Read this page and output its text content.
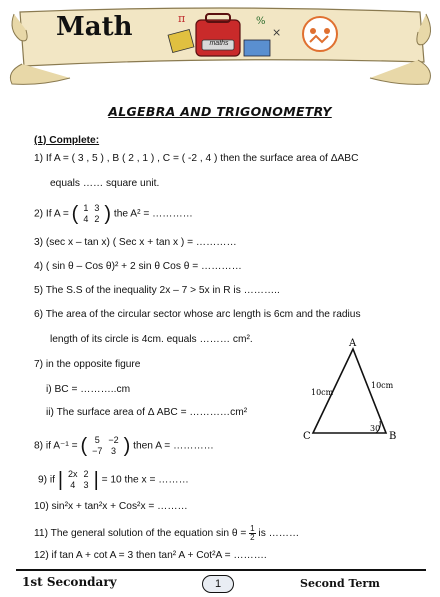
π	%
×
Math
maths
ALGEBRA AND TRIGONOMETRY
(1) Complete:
1) If A = ( 3 , 5 ) , B ( 2 , 1 ) , C = ( -2 , 4 ) then the surface area of ΔABC
equals …… square unit.
2) If A = ( 1	3
4	2 ) the A² = …………
3) (sec x – tan x) ( Sec x + tan x ) = …………
4) ( sin θ – Cos θ)² + 2 sin θ Cos θ = …………
5) The S.S of the inequality 2x – 7 > 5x in R is ………..
6) The area of the circular sector whose arc length is 6cm and the radius
length of its circle is 4cm. equals ……… cm².
7) in the opposite figure
i) BC = ………..cm
ii) The surface area of Δ ABC = …………cm²
8) if A⁻¹ = ( 5	−2
−7	3 ) then A = …………
9) if | 2x	2
4	3 | = 10 the x = ………
10) sin²x + tan²x + Cos²x = ………
11) The general solution of the equation $\sin \theta = \frac{1}{2}$ is ………
12) if tan A + cot A = 3 then tan² A + Cot²A = ……….
A
C	B
10cm
10cm
30
1st Secondary	1	Second Term
